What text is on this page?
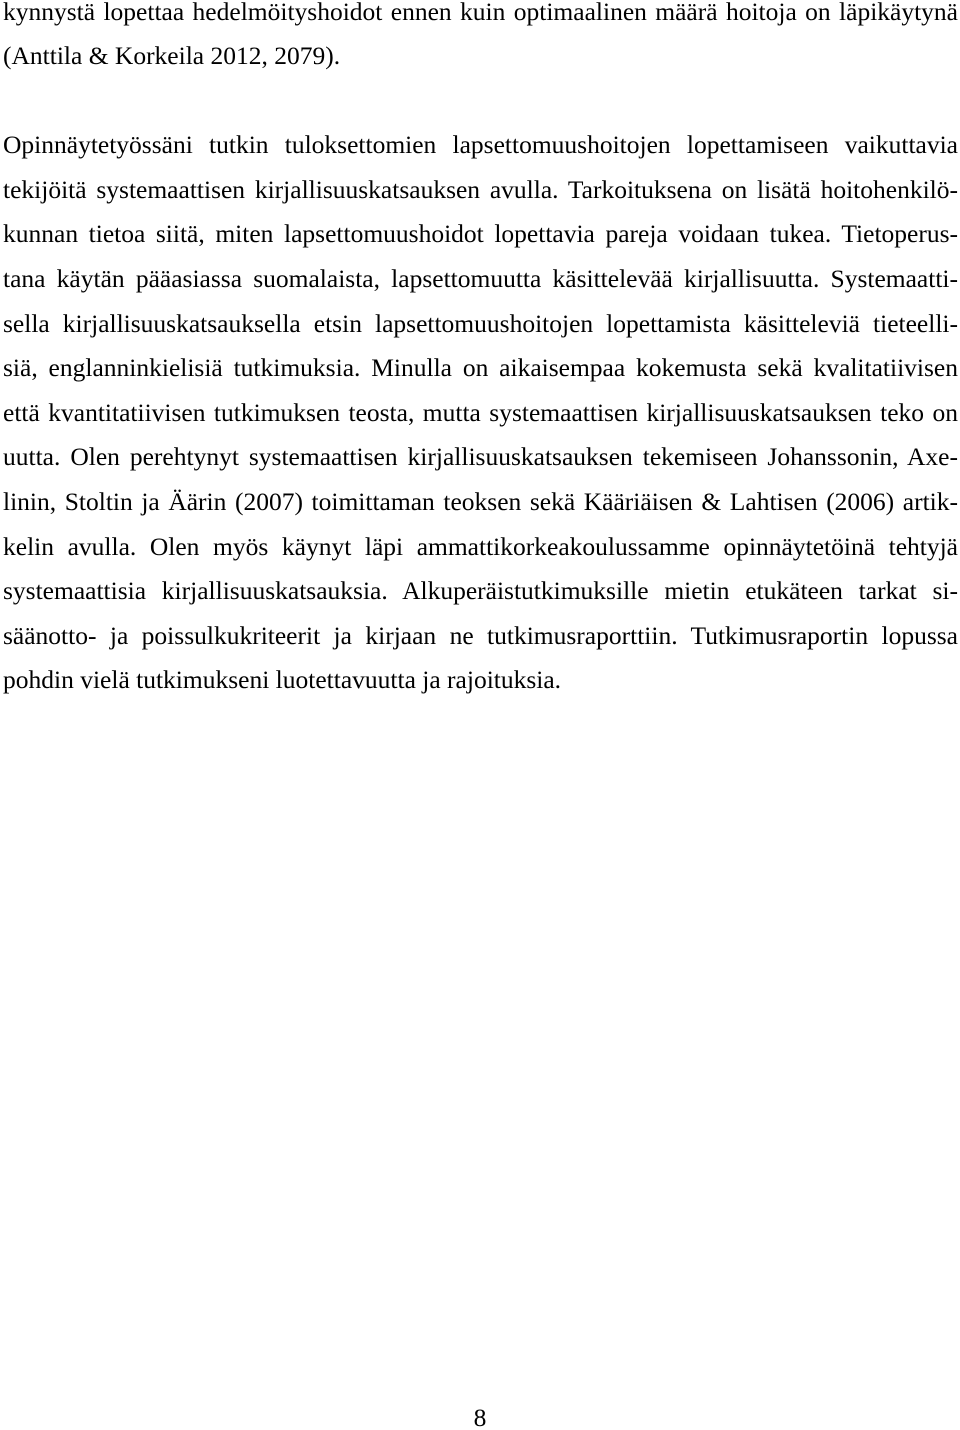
kynnystä lopettaa hedelmöityshoidot ennen kuin optimaalinen määrä hoitoja on läpikäytynä
(Anttila & Korkeila 2012, 2079).
Opinnäytetyössäni tutkin tuloksettomien lapsettomuushoitojen lopettamiseen vaikuttavia
tekijöitä systemaattisen kirjallisuuskatsauksen avulla. Tarkoituksena on lisätä hoitohenkilö-
kunnan tietoa siitä, miten lapsettomuushoidot lopettavia pareja voidaan tukea. Tietoperus-
tana käytän pääasiassa suomalaista, lapsettomuutta käsittelevää kirjallisuutta. Systemaatti-
sella kirjallisuuskatsauksella etsin lapsettomuushoitojen lopettamista käsitteleviä tieteelli-
siä, englanninkielisiä tutkimuksia. Minulla on aikaisempaa kokemusta sekä kvalitatiivisen
että kvantitatiivisen tutkimuksen teosta, mutta systemaattisen kirjallisuuskatsauksen teko on
uutta. Olen perehtynyt systemaattisen kirjallisuuskatsauksen tekemiseen Johanssonin, Axe-
linin, Stoltin ja Äärin (2007) toimittaman teoksen sekä Kääriäisen & Lahtisen (2006) artik-
kelin avulla. Olen myös käynyt läpi ammattikorkeakoulussamme opinnäytetöinä tehtyjä
systemaattisia kirjallisuuskatsauksia. Alkuperäistutkimuksille mietin etukäteen tarkat si-
säänotto- ja poissulkukriteerit ja kirjaan ne tutkimusraporttiin. Tutkimusraportin lopussa
pohdin vielä tutkimukseni luotettavuutta ja rajoituksia.
8
